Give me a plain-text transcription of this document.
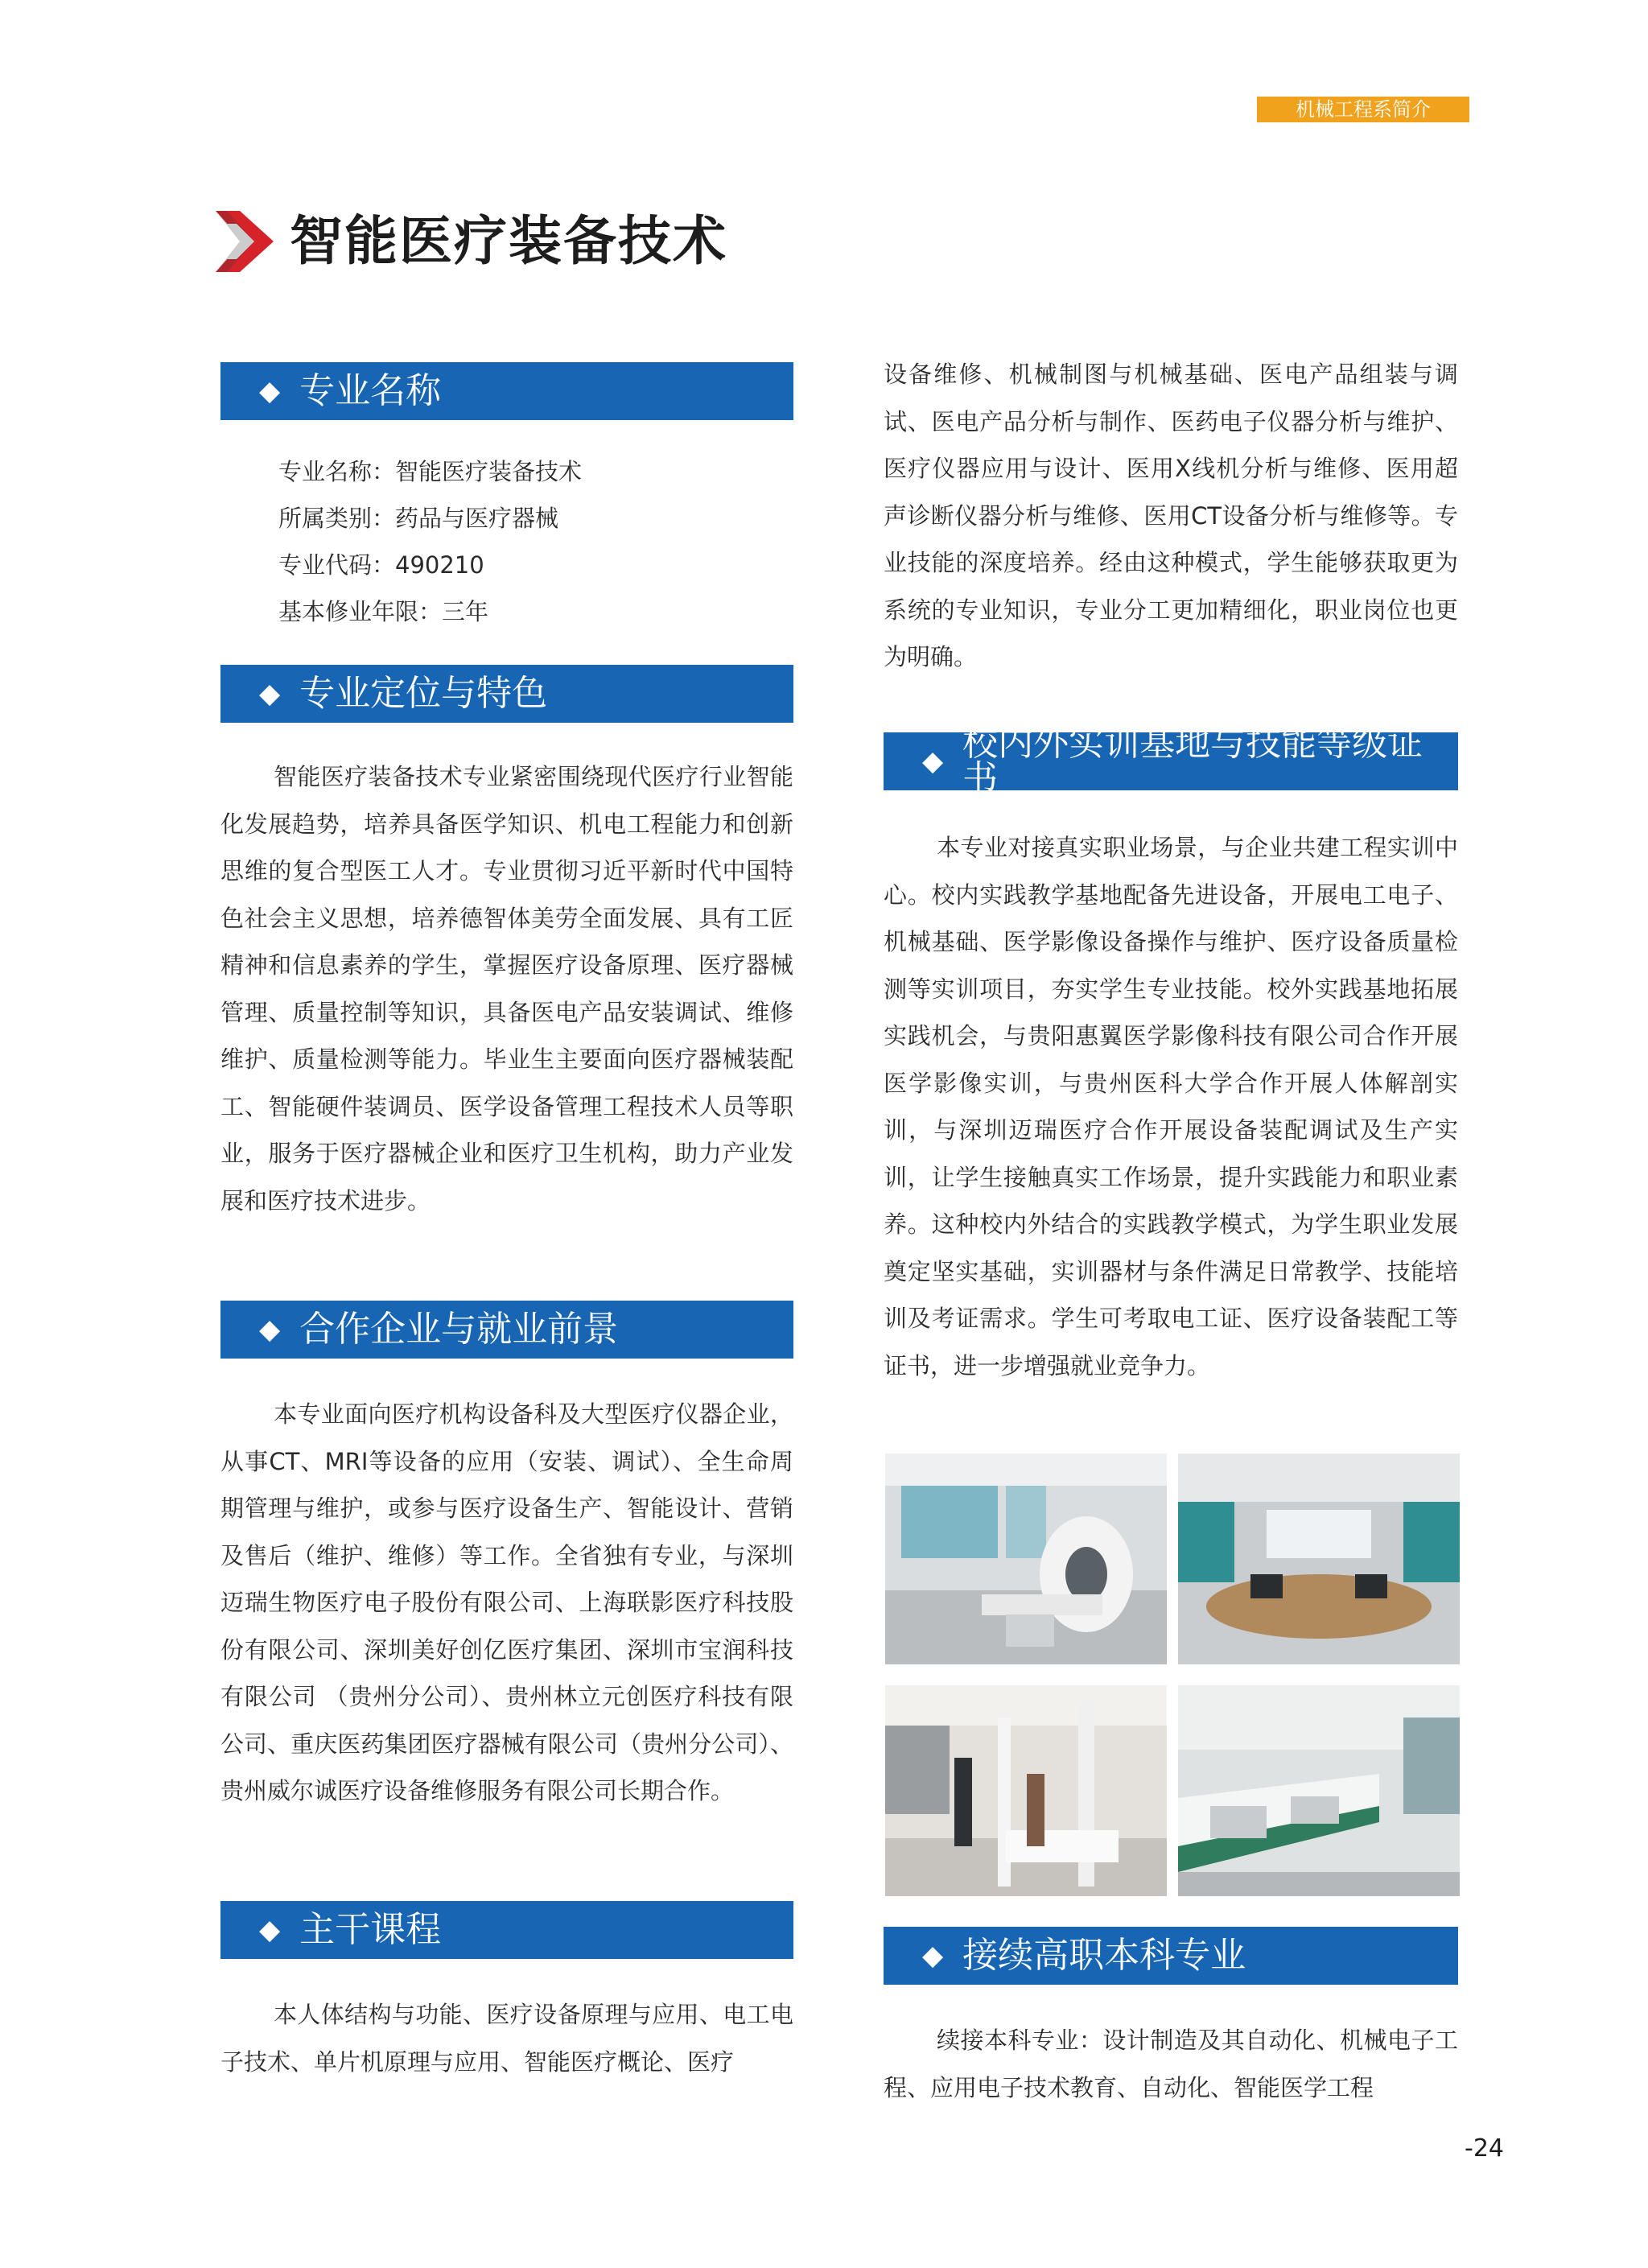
机械工程系简介
智能医疗装备技术
◆ 专业名称
专业名称：智能医疗装备技术
所属类别：药品与医疗器械
专业代码：490210
基本修业年限：三年
◆ 专业定位与特色

智能医疗装备技术专业紧密围绕现代医疗行业智能化发展趋势，培养具备医学知识、机电工程能力和创新思维的复合型医工人才。专业贯彻习近平新时代中国特色社会主义思想，培养德智体美劳全面发展、具有工匠精神和信息素养的学生，掌握医疗设备原理、医疗器械管理、质量控制等知识，具备医电产品安装调试、维修维护、质量检测等能力。毕业生主要面向医疗器械装配工、智能硬件装调员、医学设备管理工程技术人员等职业，服务于医疗器械企业和医疗卫生机构，助力产业发展和医疗技术进步。

◆ 合作企业与就业前景

本专业面向医疗机构设备科及大型医疗仪器企业，从事CT、MRI等设备的应用（安装、调试）、全生命周期管理与维护，或参与医疗设备生产、智能设计、营销及售后（维护、维修）等工作。全省独有专业，与深圳迈瑞生物医疗电子股份有限公司、上海联影医疗科技股份有限公司、深圳美好创亿医疗集团、深圳市宝润科技有限公司 （贵州分公司）、贵州林立元创医疗科技有限公司、重庆医药集团医疗器械有限公司（贵州分公司）、贵州威尔诚医疗设备维修服务有限公司长期合作。

◆ 主干课程

本人体结构与功能、医疗设备原理与应用、电工电子技术、单片机原理与应用、智能医疗概论、医疗

设备维修、机械制图与机械基础、医电产品组装与调试、医电产品分析与制作、医药电子仪器分析与维护、医疗仪器应用与设计、医用X线机分析与维修、医用超声诊断仪器分析与维修、医用CT设备分析与维修等。专业技能的深度培养。经由这种模式，学生能够获取更为系统的专业知识，专业分工更加精细化，职业岗位也更为明确。

◆ 校内外实训基地与技能等级证书

本专业对接真实职业场景，与企业共建工程实训中心。校内实践教学基地配备先进设备，开展电工电子、机械基础、医学影像设备操作与维护、医疗设备质量检测等实训项目，夯实学生专业技能。校外实践基地拓展实践机会，与贵阳惠翼医学影像科技有限公司合作开展医学影像实训，与贵州医科大学合作开展人体解剖实训，与深圳迈瑞医疗合作开展设备装配调试及生产实训，让学生接触真实工作场景，提升实践能力和职业素养。这种校内外结合的实践教学模式，为学生职业发展奠定坚实基础，实训器材与条件满足日常教学、技能培训及考证需求。学生可考取电工证、医疗设备装配工等证书，进一步增强就业竞争力。

◆ 接续高职本科专业

续接本科专业：设计制造及其自动化、机械电子工程、应用电子技术教育、自动化、智能医学工程

-24
